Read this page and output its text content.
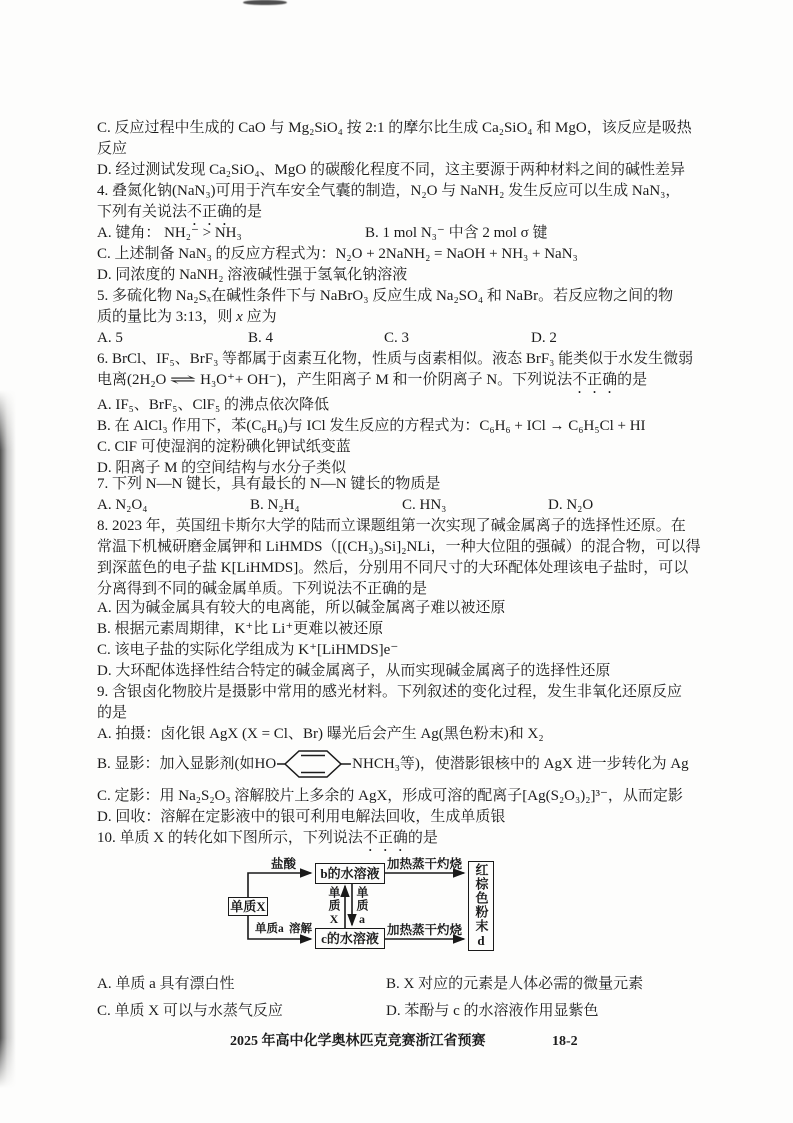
C. 反应过程中生成的 CaO 与 Mg₂SiO₄ 按 2:1 的摩尔比生成 Ca₂SiO₄ 和 MgO，该反应是吸热
反应
D. 经过测试发现 Ca₂SiO₄、MgO 的碳酸化程度不同，这主要源于两种材料之间的碱性差异
4. 叠氮化钠(NaN₃)可用于汽车安全气囊的制造，N₂O 与 NaNH₂ 发生反应可以生成 NaN₃，
下列有关说法不正确的是
A. 键角： NH₂⁻ > NH₃	B. 1 mol N₃⁻ 中含 2 mol σ 键
C. 上述制备 NaN₃ 的反应方程式为：N₂O + 2NaNH₂ = NaOH + NH₃ + NaN₃
D. 同浓度的 NaNH₂ 溶液碱性强于氢氧化钠溶液
5. 多硫化物 Na₂Sₓ在碱性条件下与 NaBrO₃ 反应生成 Na₂SO₄ 和 NaBr。若反应物之间的物
质的量比为 3:13，则 x 应为
A. 5	B. 4	C. 3	D. 2
6. BrCl、IF₅、BrF₃ 等都属于卤素互化物，性质与卤素相似。液态 BrF₃ 能类似于水发生微弱
电离(2H₂O ⇌ H₃O⁺+ OH⁻)，产生阳离子 M 和一价阴离子 N。下列说法不正确的是
A. IF₅、BrF₅、ClF₅ 的沸点依次降低
B. 在 AlCl₃ 作用下，苯(C₆H₆)与 ICl 发生反应的方程式为：C₆H₆ + ICl → C₆H₅Cl + HI
C. ClF 可使湿润的淀粉碘化钾试纸变蓝
D. 阳离子 M 的空间结构与水分子类似
7. 下列 N—N 键长，具有最长的 N—N 键长的物质是
A. N₂O₄	B. N₂H₄	C. HN₃	D. N₂O
8. 2023 年，英国纽卡斯尔大学的陆而立课题组第一次实现了碱金属离子的选择性还原。在
常温下机械研磨金属钾和 LiHMDS（[(CH₃)₃Si]₂NLi，一种大位阻的强碱）的混合物，可以得
到深蓝色的电子盐 K[LiHMDS]。然后，分别用不同尺寸的大环配体处理该电子盐时，可以
分离得到不同的碱金属单质。下列说法不正确的是
A. 因为碱金属具有较大的电离能，所以碱金属离子难以被还原
B. 根据元素周期律，K⁺比 Li⁺更难以被还原
C. 该电子盐的实际化学组成为 K⁺[LiHMDS]e⁻
D. 大环配体选择性结合特定的碱金属离子，从而实现碱金属离子的选择性还原
9. 含银卤化物胶片是摄影中常用的感光材料。下列叙述的变化过程，发生非氧化还原反应
的是
A. 拍摄：卤化银 AgX (X = Cl、Br) 曝光后会产生 Ag(黑色粉末)和 X₂
B. 显影：加入显影剂(如HO	NHCH₃等)，使潜影银核中的 AgX 进一步转化为 Ag
C. 定影：用 Na₂S₂O₃ 溶解胶片上多余的 AgX，形成可溶的配离子[Ag(S₂O₃)₂]³⁻，从而定影
D. 回收：溶解在定影液中的银可利用电解法回收，生成单质银
10. 单质 X 的转化如下图所示，下列说法不正确的是
单质X
b的水溶液
c的水溶液	红棕色粉末d
盐酸	加热蒸干灼烧
加热蒸干灼烧
单质a 溶解
单质X 单质a
A. 单质 a 具有漂白性	B. X 对应的元素是人体必需的微量元素
C. 单质 X 可以与水蒸气反应	D. 苯酚与 c 的水溶液作用显紫色
2025 年高中化学奥林匹克竞赛浙江省预赛	18-2
